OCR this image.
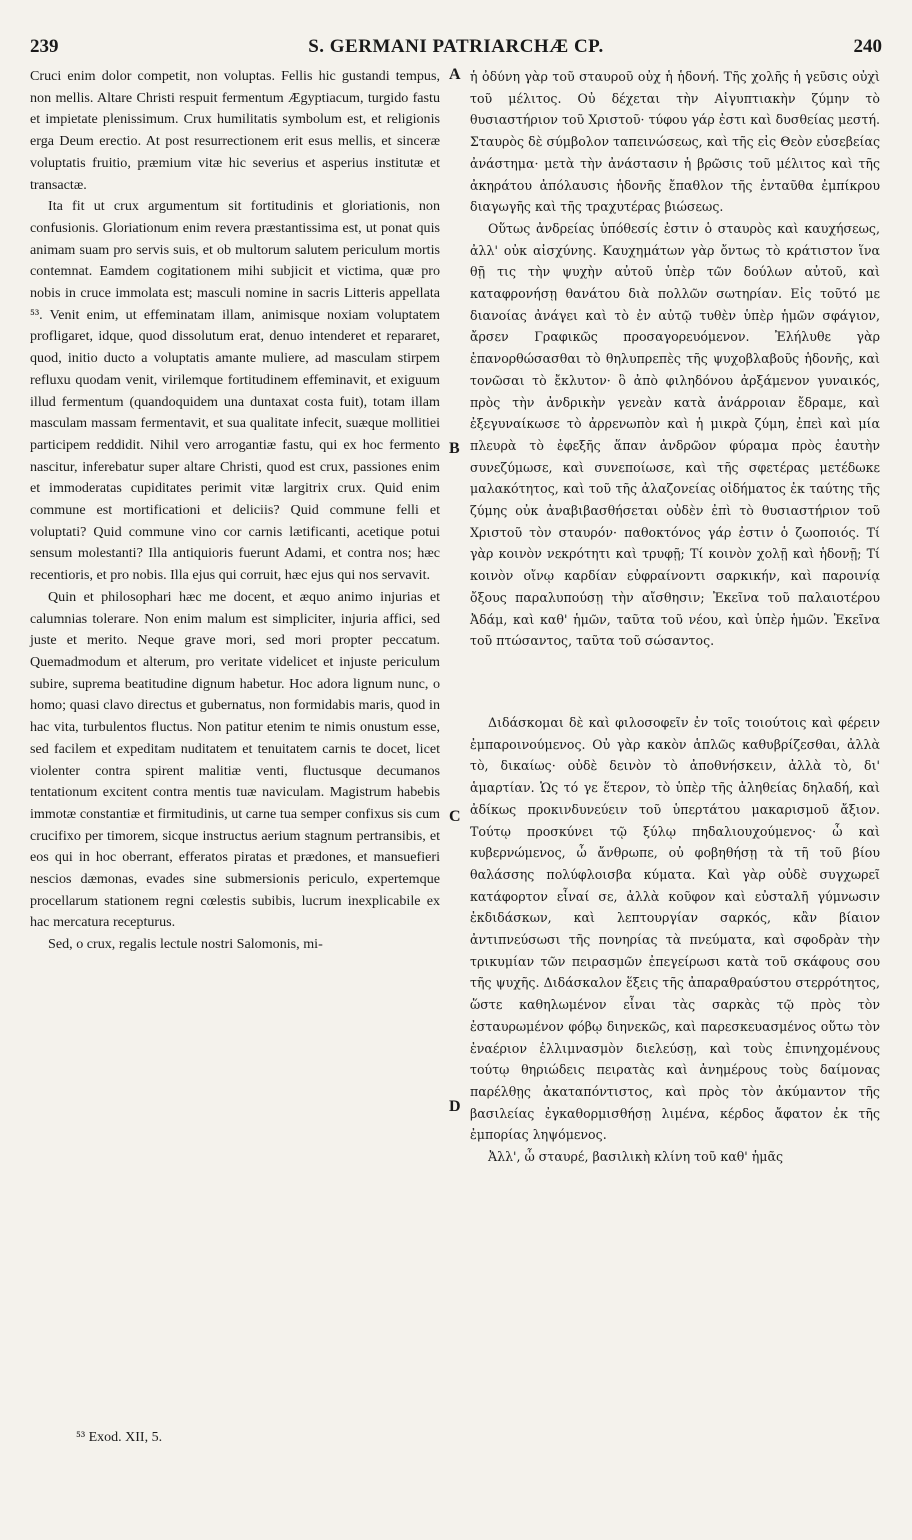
239	S. GERMANI PATRIARCHÆ CP.	240

Cruci enim dolor competit, non voluptas. Fellis hic gustandi tempus, non mellis. Altare Christi respuit fermentum Ægyptiacum, turgido fastu et impietate plenissimum. Crux humilitatis symbolum est, et religionis erga Deum erectio. At post resurrectionem erit esus mellis, et sinceræ voluptatis fruitio, præmium vitæ hic severius et asperius institutæ et transactæ.

Ita fit ut crux argumentum sit fortitudinis et gloriationis, non confusionis. Gloriationum enim revera præstantissima est, ut ponat quis animam suam pro servis suis, et ob multorum salutem periculum mortis contemnat. Eamdem cogitationem mihi subjicit et victima, quæ pro nobis in cruce immolata est; masculi nomine in sacris Litteris appellata ⁵³. Venit enim, ut effeminatam illam, animisque noxiam voluptatem profligaret, idque, quod dissolutum erat, denuo intenderet et repararet, quod, initio ducto a voluptatis amante muliere, ad masculam stirpem refluxu quodam venit, virilemque fortitudinem effeminavit, et exiguum illud fermentum (quandoquidem una duntaxat costa fuit), totam illam masculam massam fermentavit, et sua qualitate infecit, suæque mollitiei participem reddidit. Nihil vero arrogantiæ fastu, qui ex hoc fermento nascitur, inferebatur super altare Christi, quod est crux, passiones enim et immoderatas cupiditates perimit vitæ largitrix crux. Quid enim commune est mortificationi et deliciis? Quid commune felli et voluptati? Quid commune vino cor carnis lætificanti, acetique potui sensum molestanti? Illa antiquioris fuerunt Adami, et contra nos; hæc recentioris, et pro nobis. Illa ejus qui corruit, hæc ejus qui nos servavit.

Quin et philosophari hæc me docent, et æquo animo injurias et calumnias tolerare. Non enim malum est simpliciter, injuria affici, sed juste et merito. Neque grave mori, sed mori propter peccatum. Quemadmodum et alterum, pro veritate videlicet et injuste periculum subire, suprema beatitudine dignum habetur. Hoc adora lignum nunc, o homo; quasi clavo directus et gubernatus, non formidabis maris, quod in hac vita, turbulentos fluctus. Non patitur etenim te nimis onustum esse, sed facilem et expeditam nuditatem et tenuitatem carnis te docet, licet violenter contra spirent malitiæ venti, fluctusque decumanos tentationum excitent contra mentis tuæ naviculam. Magistrum habebis immotæ constantiæ et firmitudinis, ut carne tua semper confixus sis cum crucifixo per timorem, sicque instructus aerium stagnum pertransibis, et eos qui in hoc oberrant, efferatos piratas et prædones, et mansuefieri nescios dæmonas, evades sine submersionis periculo, expertemque procellarum stationem regni cœlestis subibis, lucrum inexplicabile ex hac mercatura recepturus.

Sed, o crux, regalis lectule nostri Salomonis, mi-

ἡ ὀδύνη γὰρ τοῦ σταυροῦ οὐχ ἡ ἡδονή. Τῆς χολῆς ἡ γεῦσις οὐχὶ τοῦ μέλιτος. Οὐ δέχεται τὴν Αἰγυπτιακὴν ζύμην τὸ θυσιαστήριον τοῦ Χριστοῦ· τύφου γάρ ἐστι καὶ δυσθείας μεστή. Σταυρὸς δὲ σύμβολον ταπεινώσεως, καὶ τῆς εἰς Θεὸν εὐσεβείας ἀνάστημα· μετὰ τὴν ἀνάστασιν ἡ βρῶσις τοῦ μέλιτος καὶ τῆς ἀκηράτου ἀπόλαυσις ἡδονῆς ἔπαθλον τῆς ἐνταῦθα ἐμπίκρου διαγωγῆς καὶ τῆς τραχυτέρας βιώσεως.

Οὕτως ἀνδρείας ὑπόθεσίς ἐστιν ὁ σταυρὸς καὶ καυχήσεως, ἀλλ' οὐκ αἰσχύνης. Καυχημάτων γὰρ ὄντως τὸ κράτιστον ἵνα θῇ τις τὴν ψυχὴν αὐτοῦ ὑπὲρ τῶν δούλων αὐτοῦ, καὶ καταφρονήσῃ θανάτου διὰ πολλῶν σωτηρίαν. Εἰς τοῦτό με διανοίας ἀνάγει καὶ τὸ ἐν αὐτῷ τυθὲν ὑπὲρ ἡμῶν σφάγιον, ἄρσεν Γραφικῶς προσαγορευόμενον. Ἐλήλυθε γὰρ ἐπανορθώσασθαι τὸ θηλυπρεπὲς τῆς ψυχοβλαβοῦς ἡδονῆς, καὶ τονῶσαι τὸ ἔκλυτον· ὃ ἀπὸ φιληδόνου ἀρξάμενον γυναικός, πρὸς τὴν ἀνδρικὴν γενεὰν κατὰ ἀνάρροιαν ἔδραμε, καὶ ἐξεγυναίκωσε τὸ ἀρρενωπὸν καὶ ἡ μικρὰ ζύμη, ἐπεὶ καὶ μία πλευρὰ τὸ ἐφεξῆς ἅπαν ἀνδρῶον φύραμα πρὸς ἑαυτὴν συνεζύμωσε, καὶ συνεποίωσε, καὶ τῆς σφετέρας μετέδωκε μαλακότητος, καὶ τοῦ τῆς ἀλαζονείας οἰδήματος ἐκ ταύτης τῆς ζύμης οὐκ ἀναβιβασθήσεται οὐδὲν ἐπὶ τὸ θυσιαστήριον τοῦ Χριστοῦ τὸν σταυρόν· παθοκτόνος γάρ ἐστιν ὁ ζωοποιός. Τί γὰρ κοινὸν νεκρότητι καὶ τρυφῇ; Τί κοινὸν χολῇ καὶ ἡδονῇ; Τί κοινὸν οἴνῳ καρδίαν εὐφραίνοντι σαρκικήν, καὶ παροινίᾳ ὄξους παραλυπούσῃ τὴν αἴσθησιν; Ἐκεῖνα τοῦ παλαιοτέρου Ἀδάμ, καὶ καθ' ἡμῶν, ταῦτα τοῦ νέου, καὶ ὑπὲρ ἡμῶν. Ἐκεῖνα τοῦ πτώσαντος, ταῦτα τοῦ σώσαντος.

Διδάσκομαι δὲ καὶ φιλοσοφεῖν ἐν τοῖς τοιούτοις καὶ φέρειν ἐμπαροινούμενος. Οὐ γὰρ κακὸν ἁπλῶς καθυβρίζεσθαι, ἀλλὰ τὸ, δικαίως· οὐδὲ δεινὸν τὸ ἀποθνήσκειν, ἀλλὰ τὸ, δι' ἁμαρτίαν. Ὡς τό γε ἕτερον, τὸ ὑπὲρ τῆς ἀληθείας δηλαδή, καὶ ἀδίκως προκινδυνεύειν τοῦ ὑπερτάτου μακαρισμοῦ ἄξιον. Τούτῳ προσκύνει τῷ ξύλῳ πηδαλιουχούμενος· ὦ καὶ κυβερνώμενος, ὦ ἄνθρωπε, οὐ φοβηθήσῃ τὰ τῆ τοῦ βίου θαλάσσης πολύφλοισβα κύματα. Καὶ γὰρ οὐδὲ συγχωρεῖ κατάφορτον εἶναί σε, ἀλλὰ κοῦφον καὶ εὐσταλῆ γύμνωσιν ἐκδιδάσκων, καὶ λεπτουργίαν σαρκός, κἂν βίαιον ἀντιπνεύσωσι τῆς πονηρίας τὰ πνεύματα, καὶ σφοδρὰν τὴν τρικυμίαν τῶν πειρασμῶν ἐπεγείρωσι κατὰ τοῦ σκάφους σου τῆς ψυχῆς. Διδάσκαλον ἕξεις τῆς ἀπαραθραύστου στερρότητος, ὥστε καθηλωμένον εἶναι τὰς σαρκὰς τῷ πρὸς τὸν ἐσταυρωμένον φόβῳ διηνεκῶς, καὶ παρεσκευασμένος οὕτω τὸν ἐναέριον ἐλλιμνασμὸν διελεύσῃ, καὶ τοὺς ἐπινηχομένους τούτῳ θηριώδεις πειρατὰς καὶ ἀνημέρους τοὺς δαίμονας παρέλθῃς ἀκαταπόντιστος, καὶ πρὸς τὸν ἀκύμαντον τῆς βασιλείας ἐγκαθορμισθήσῃ λιμένα, κέρδος ἄφατον ἐκ τῆς ἐμπορίας ληψόμενος.

Ἀλλ', ὦ σταυρέ, βασιλικὴ κλίνη τοῦ καθ' ἡμᾶς

A
B
C
D
⁵³ Exod. XII, 5.
